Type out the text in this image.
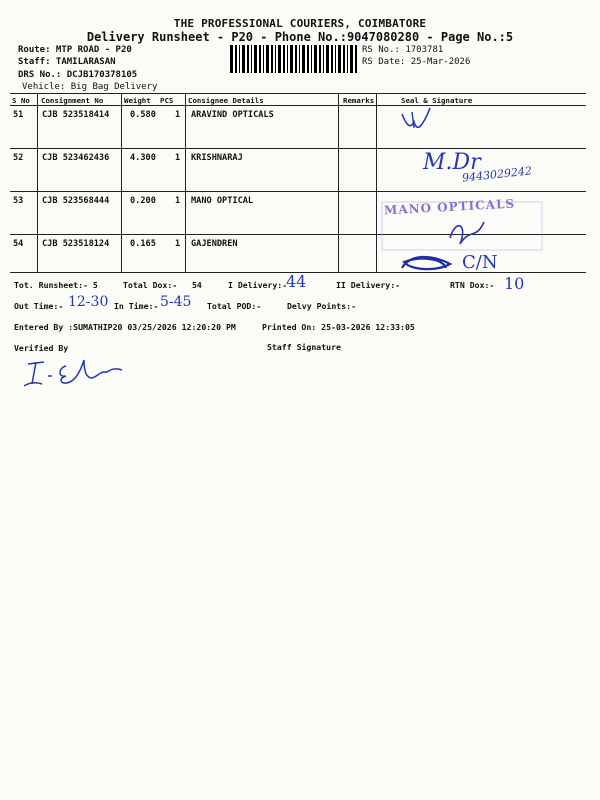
THE PROFESSIONAL COURIERS, COIMBATORE
Delivery Runsheet - P20 - Phone No.:9047080280 - Page No.:5
Route: MTP ROAD - P20
Staff: TAMILARASAN
DRS No.: DCJB170378105
Vehicle: Big Bag Delivery
RS No.: 1703781
RS Date: 25-Mar-2026
S No Consignment No	Weight PCS Consignee Details	Remarks	Seal & Signature
51 CJB 523518414 0.580 1 ARAVIND OPTICALS
52 CJB 523462436 4.300 1 KRISHNARAJ
53 CJB 523568444 0.200 1 MANO OPTICAL
54 CJB 523518124 0.165 1 GAJENDREN
M.Dr
9443029242
MANO OPTICALS
C/N
Tot. Runsheet:- 5	Total Dox:- 54	I Delivery:-
44	II Delivery:-	RTN Dox:- 10
Out Time:- 12-30 In Time:- 5-45 Total POD:-	Delvy Points:-
Entered By :SUMATHIP20 03/25/2026 12:20:20 PM	Printed On: 25-03-2026 12:33:05
Verified By	Staff Signature
